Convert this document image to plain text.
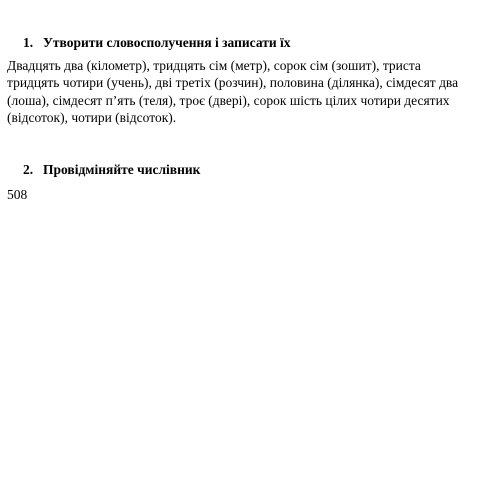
1. Утворити словосполучення і записати їх

Двадцять два (кілометр), тридцять сім (метр), сорок сім (зошит), триста
тридцять чотири (учень), дві третіх (розчин), половина (ділянка), сімдесят два
(лоша), сімдесят п’ять (теля), троє (двері), сорок шість цілих чотири десятих
(відсоток), чотири (відсоток).

2. Провідміняйте числівник
508
